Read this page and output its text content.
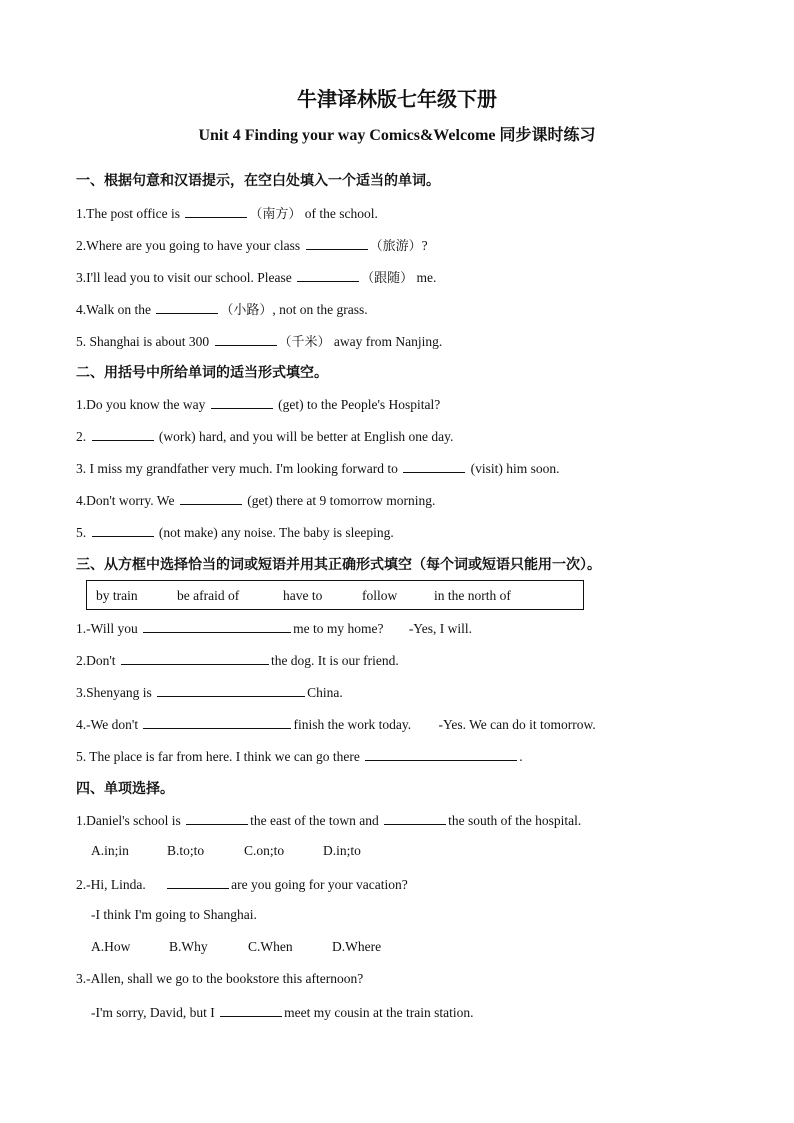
牛津译林版七年级下册
Unit 4 Finding your way Comics&Welcome 同步课时练习
一、根据句意和汉语提示，在空白处填入一个适当的单词。
1.The post office is	（南方） of the school.
2.Where are you going to have your class	（旅游）?
3.I'll lead you to visit our school. Please	（跟随） me.
4.Walk on the	（小路）, not on the grass.
5. Shanghai is about 300	（千米） away from Nanjing.
二、用括号中所给单词的适当形式填空。
1.Do you know the way	(get) to the People's Hospital?
2.	(work) hard, and you will be better at English one day.
3. I miss my grandfather very much. I'm looking forward to	(visit) him soon.
4.Don't worry. We	(get) there at 9 tomorrow morning.
5.	(not make) any noise. The baby is sleeping.
三、从方框中选择恰当的词或短语并用其正确形式填空（每个词或短语只能用一次）。
by train	be afraid of	have to	follow	in the north of
1.-Will you	me to my home? -Yes, I will.
2.Don't	the dog. It is our friend.
3.Shenyang is	China.
4.-We don't	finish the work today. -Yes. We can do it tomorrow.
5. The place is far from here. I think we can go there	.
四、单项选择。
1.Daniel's school is	the east of the town and	the south of the hospital.
A.in;in	B.to;to	C.on;to	D.in;to
2.-Hi, Linda.	are you going for your vacation?
-I think I'm going to Shanghai.
A.How	B.Why	C.When	D.Where
3.-Allen, shall we go to the bookstore this afternoon?
-I'm sorry, David, but I	meet my cousin at the train station.
